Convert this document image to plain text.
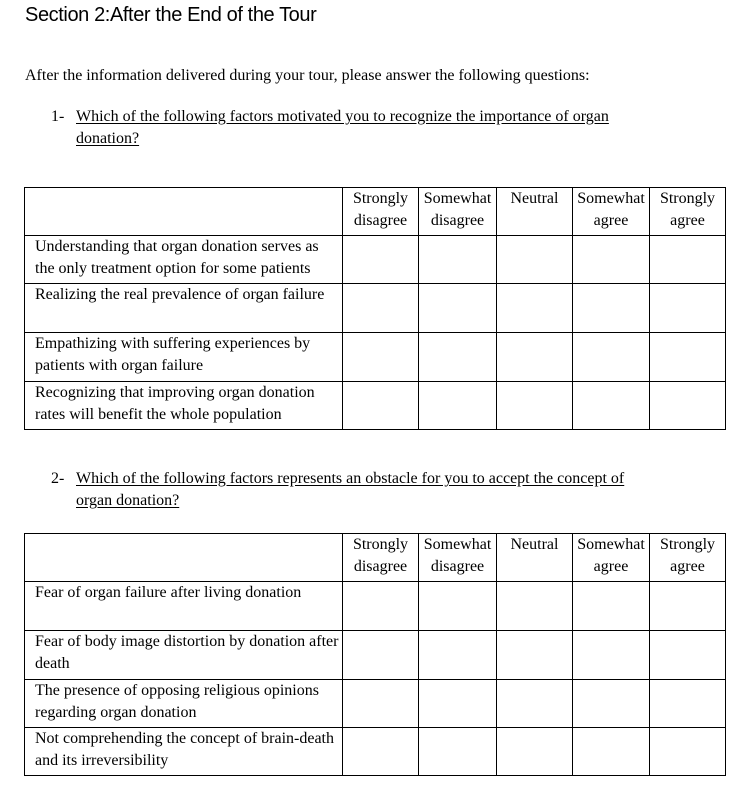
Section 2:After the End of the Tour

After the information delivered during your tour, please answer the following questions:

1- Which of the following factors motivated you to recognize the importance of organ donation?
	Strongly disagree	Somewhat disagree	Neutral	Somewhat agree	Strongly agree
Understanding that organ donation serves as the only treatment option for some patients					
Realizing the real prevalence of organ failure					
Empathizing with suffering experiences by patients with organ failure					
Recognizing that improving organ donation rates will benefit the whole population					
2- Which of the following factors represents an obstacle for you to accept the concept of organ donation?
	Strongly disagree	Somewhat disagree	Neutral	Somewhat agree	Strongly agree
Fear of organ failure after living donation					
Fear of body image distortion by donation after death					
The presence of opposing religious opinions regarding organ donation					
Not comprehending the concept of brain-death and its irreversibility					
